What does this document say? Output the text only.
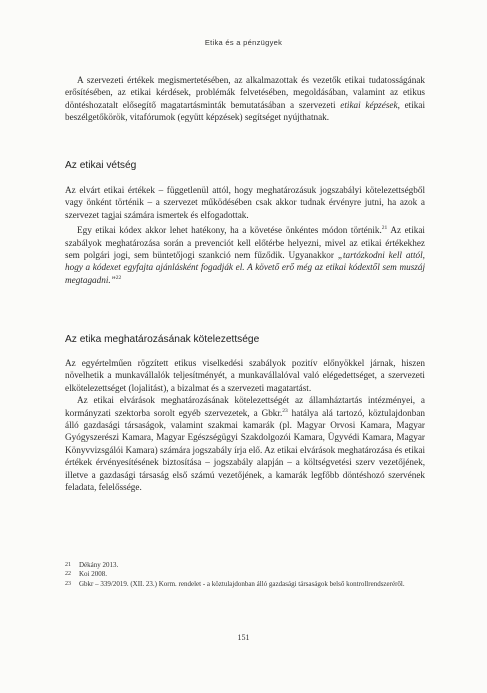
Etika és a pénzügyek

A szervezeti értékek megismertetésében, az alkalmazottak és vezetők etikai tudatosságának erősítésében, az etikai kérdések, problémák felvetésében, megoldásában, valamint az etikus döntéshozatalt elősegítő magatartásminták bemutatásában a szervezeti etikai képzések, etikai beszélgetőkörök, vitafórumok (együtt képzések) segítséget nyújthatnak.

Az etikai vétség

Az elvárt etikai értékek – függetlenül attól, hogy meghatározásuk jogszabályi kötelezettségből vagy önként történik – a szervezet működésében csak akkor tudnak érvényre jutni, ha azok a szervezet tagjai számára ismertek és elfogadottak.

Egy etikai kódex akkor lehet hatékony, ha a követése önkéntes módon történik.$^{21}$ Az etikai szabályok meghatározása során a prevenciót kell előtérbe helyezni, mivel az etikai értékekhez sem polgári jogi, sem büntetőjogi szankció nem fűződik. Ugyanakkor „tartózkodni kell attól, hogy a kódexet egyfajta ajánlásként fogadják el. A követő erő még az etikai kódextől sem muszáj megtagadni.”$^{22}$

Az etika meghatározásának kötelezettsége

Az egyértelműen rögzített etikus viselkedési szabályok pozitív előnyökkel járnak, hiszen növelhetik a munkavállalók teljesítményét, a munkavállalóval való elégedettséget, a szervezeti elkötelezettséget (lojalitást), a bizalmat és a szervezeti magatartást.

Az etikai elvárások meghatározásának kötelezettségét az államháztartás intézményei, a kormányzati szektorba sorolt egyéb szervezetek, a Gbkr.$^{23}$ hatálya alá tartozó, köztulajdonban álló gazdasági társaságok, valamint szakmai kamarák (pl. Magyar Orvosi Kamara, Magyar Gyógyszerészi Kamara, Magyar Egészségügyi Szakdolgozói Kamara, Ügyvédi Kamara, Magyar Könyvvizsgálói Kamara) számára jogszabály írja elő. Az etikai elvárások meghatározása és etikai értékek érvényesítésének biztosítása – jogszabály alapján – a költségvetési szerv vezetőjének, illetve a gazdasági társaság első számú vezetőjének, a kamarák legfőbb döntéshozó szervének feladata, felelőssége.

21	Dékány 2013.
22	Koi 2008.
23	Gbkr – 339/2019. (XII. 23.) Korm. rendelet - a köztulajdonban álló gazdasági társaságok belső kontrollrendszeréről.
151
